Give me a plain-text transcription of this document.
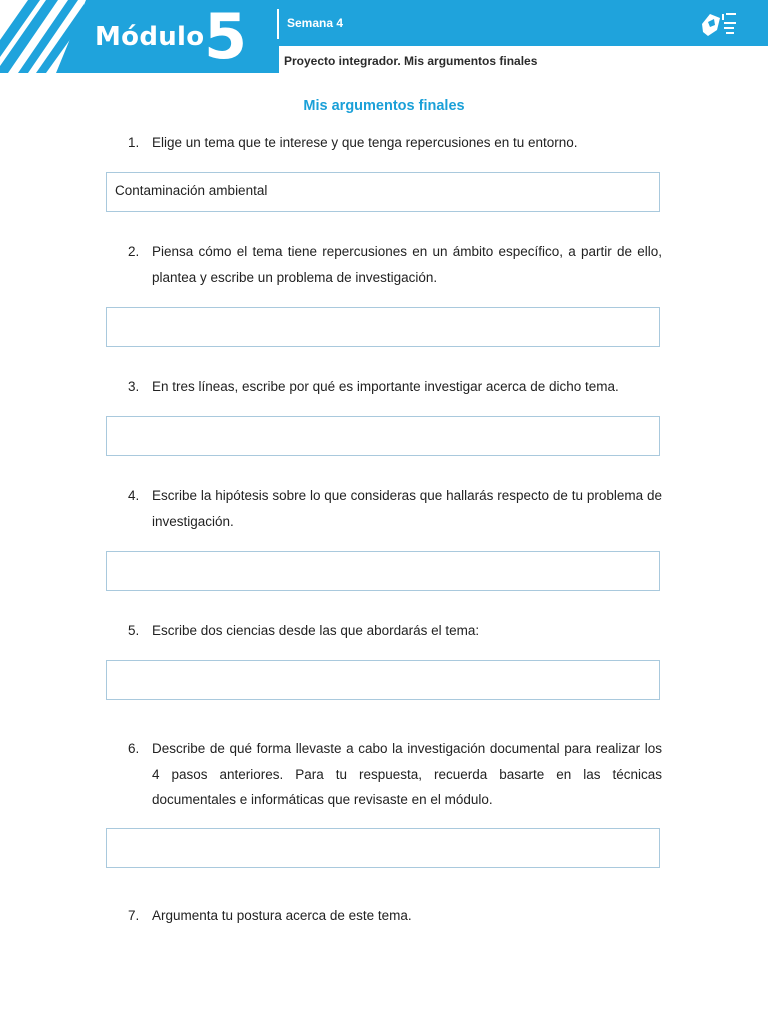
Módulo 5	Semana 4
Proyecto integrador. Mis argumentos finales
Mis argumentos finales
1. Elige un tema que te interese y que tenga repercusiones en tu entorno.
Contaminación ambiental
2. Piensa cómo el tema tiene repercusiones en un ámbito específico, a partir de ello, plantea y escribe un problema de investigación.
3. En tres líneas, escribe por qué es importante investigar acerca de dicho tema.
4. Escribe la hipótesis sobre lo que consideras que hallarás respecto de tu problema de investigación.
5. Escribe dos ciencias desde las que abordarás el tema:
6. Describe de qué forma llevaste a cabo la investigación documental para realizar los 4 pasos anteriores. Para tu respuesta, recuerda basarte en las técnicas documentales e informáticas que revisaste en el módulo.
7. Argumenta tu postura acerca de este tema.
